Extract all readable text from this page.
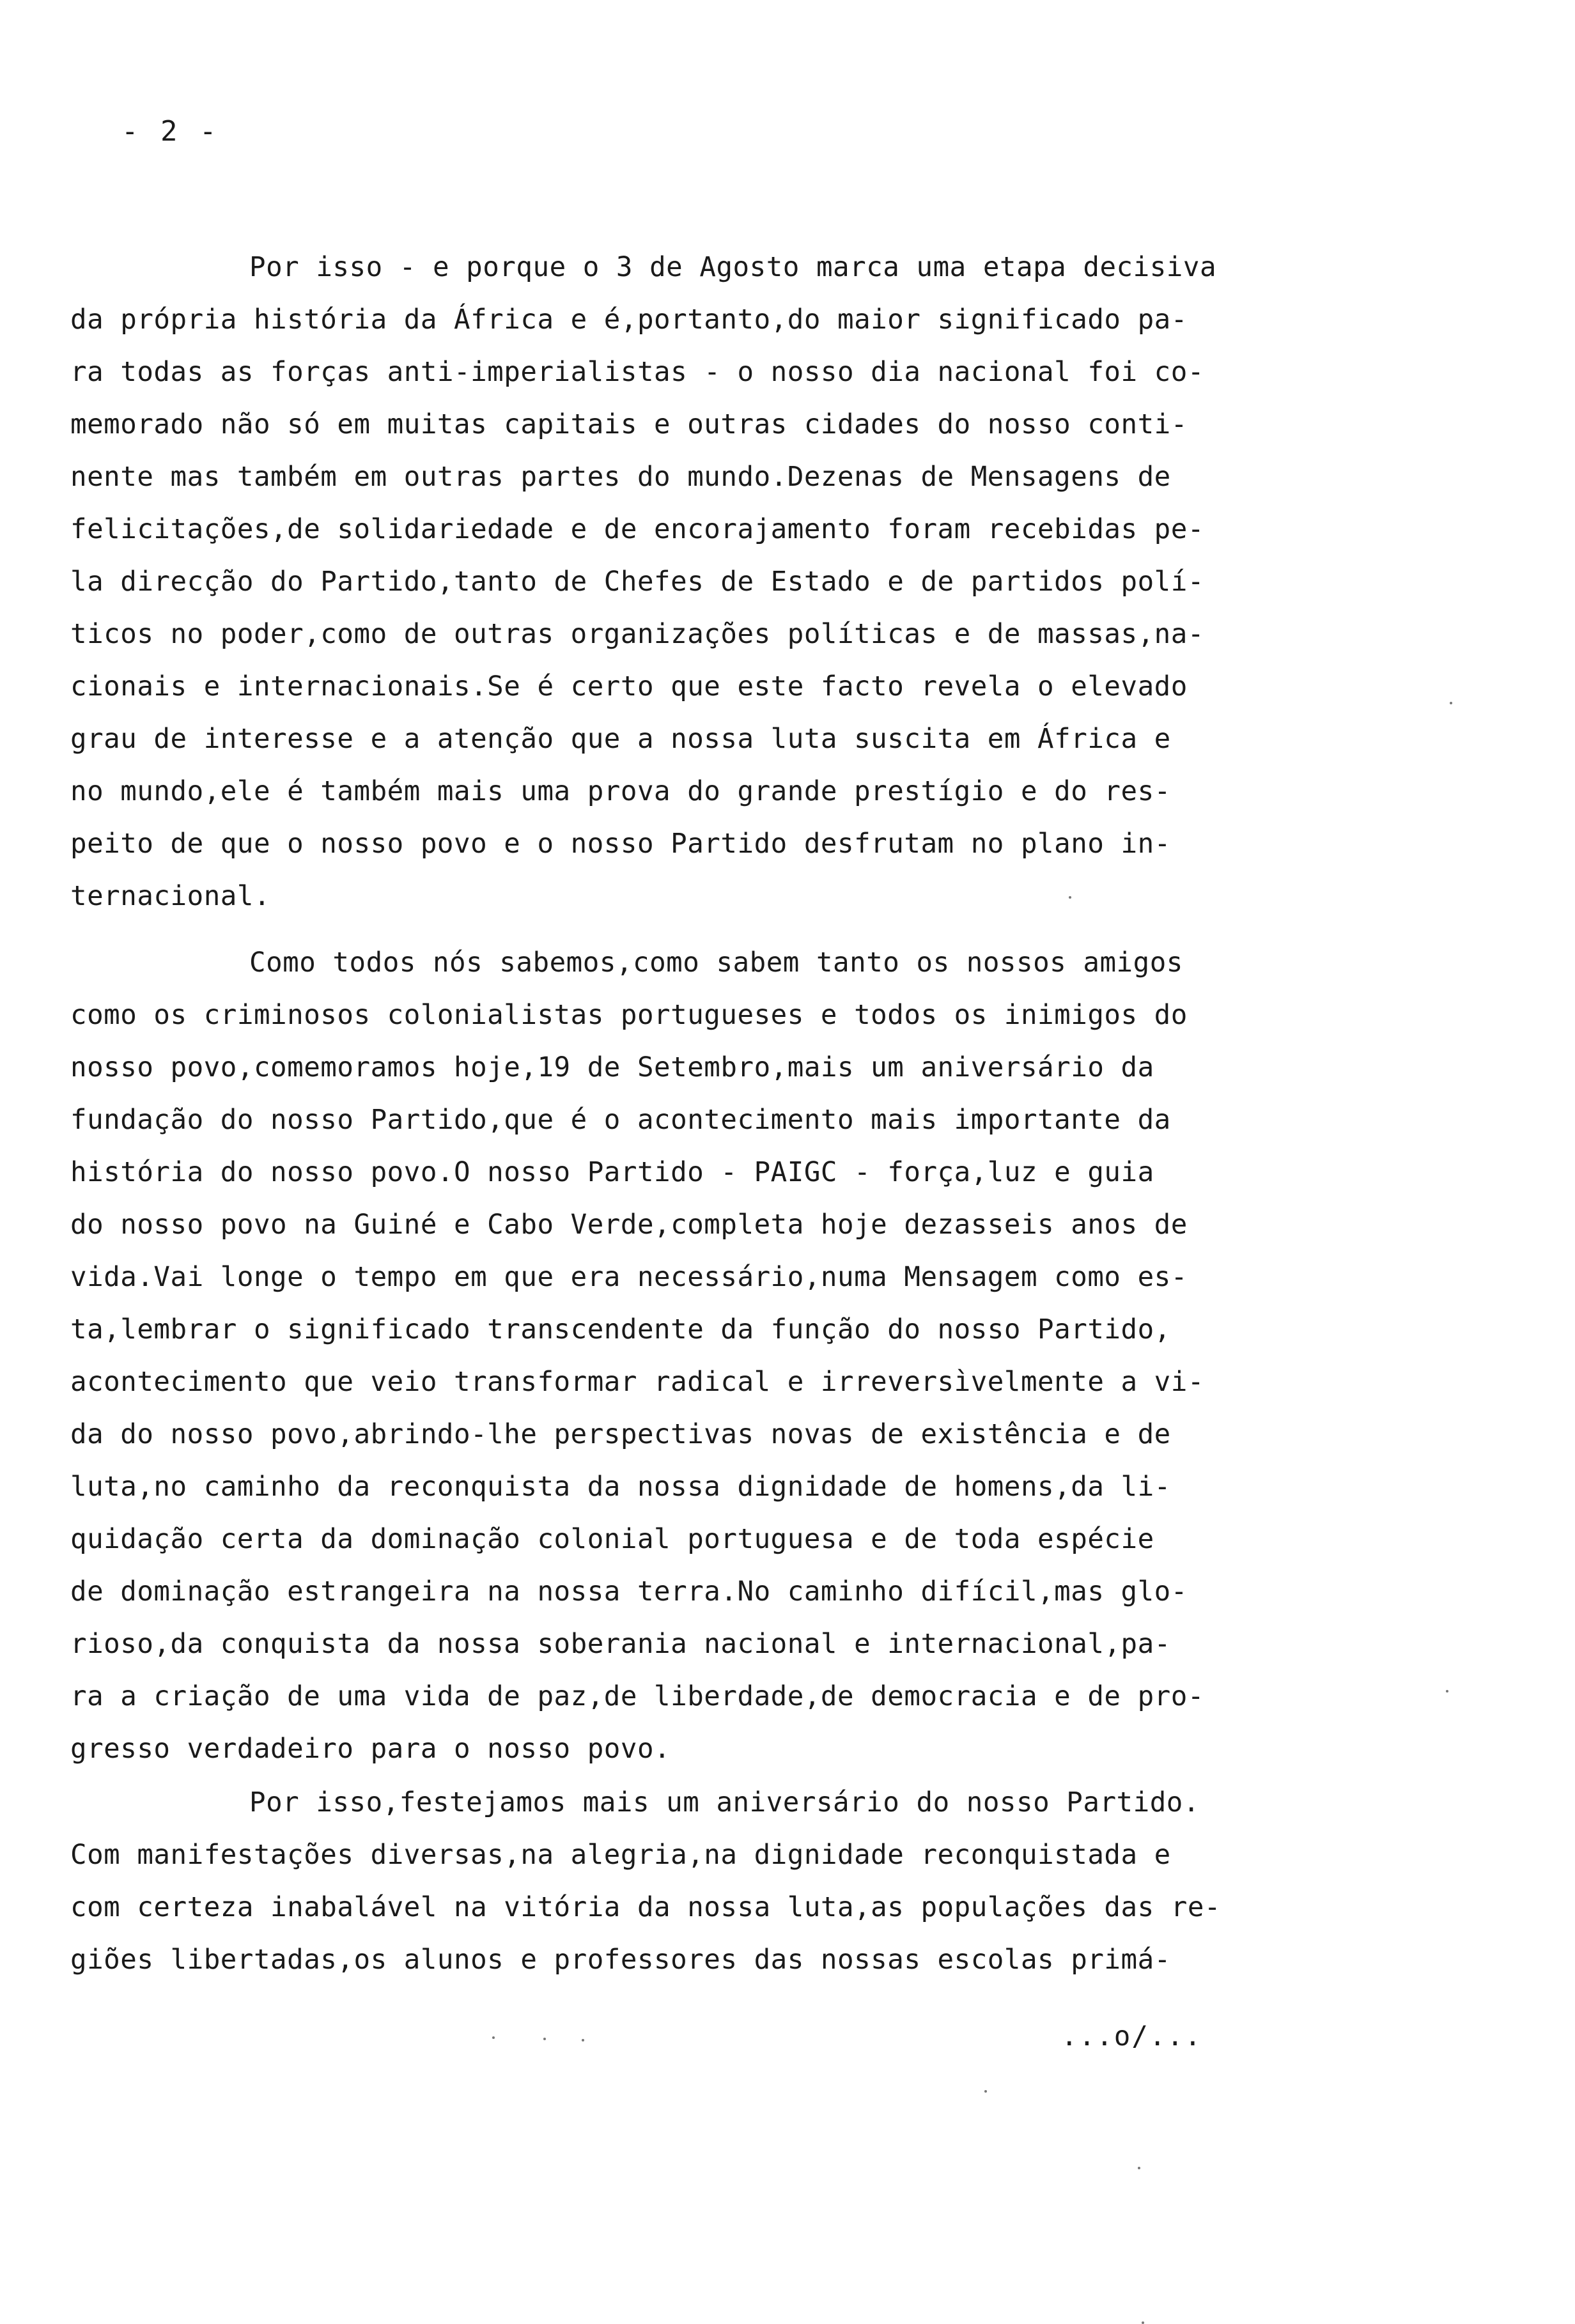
- 2 -
Por isso - e porque o 3 de Agosto marca uma etapa decisiva
da própria história da África e é,portanto,do maior significado pa-
ra todas as forças anti-imperialistas - o nosso dia nacional foi co-
memorado não só em muitas capitais e outras cidades do nosso conti-
nente mas também em outras partes do mundo.Dezenas de Mensagens de
felicitações,de solidariedade e de encorajamento foram recebidas pe-
la direcção do Partido,tanto de Chefes de Estado e de partidos polí-
ticos no poder,como de outras organizações políticas e de massas,na-
cionais e internacionais.Se é certo que este facto revela o elevado
grau de interesse e a atenção que a nossa luta suscita em África e
no mundo,ele é também mais uma prova do grande prestígio e do res-
peito de que o nosso povo e o nosso Partido desfrutam no plano in-
ternacional.
Como todos nós sabemos,como sabem tanto os nossos amigos
como os criminosos colonialistas portugueses e todos os inimigos do
nosso povo,comemoramos hoje,19 de Setembro,mais um aniversário da
fundação do nosso Partido,que é o acontecimento mais importante da
história do nosso povo.O nosso Partido - PAIGC - força,luz e guia
do nosso povo na Guiné e Cabo Verde,completa hoje dezasseis anos de
vida.Vai longe o tempo em que era necessário,numa Mensagem como es-
ta,lembrar o significado transcendente da função do nosso Partido,
acontecimento que veio transformar radical e irreversìvelmente a vi-
da do nosso povo,abrindo-lhe perspectivas novas de existência e de
luta,no caminho da reconquista da nossa dignidade de homens,da li-
quidação certa da dominação colonial portuguesa e de toda espécie
de dominação estrangeira na nossa terra.No caminho difícil,mas glo-
rioso,da conquista da nossa soberania nacional e internacional,pa-
ra a criação de uma vida de paz,de liberdade,de democracia e de pro-
gresso verdadeiro para o nosso povo.
Por isso,festejamos mais um aniversário do nosso Partido.
Com manifestações diversas,na alegria,na dignidade reconquistada e
com certeza inabalável na vitória da nossa luta,as populações das re-
giões libertadas,os alunos e professores das nossas escolas primá-
...o/...
